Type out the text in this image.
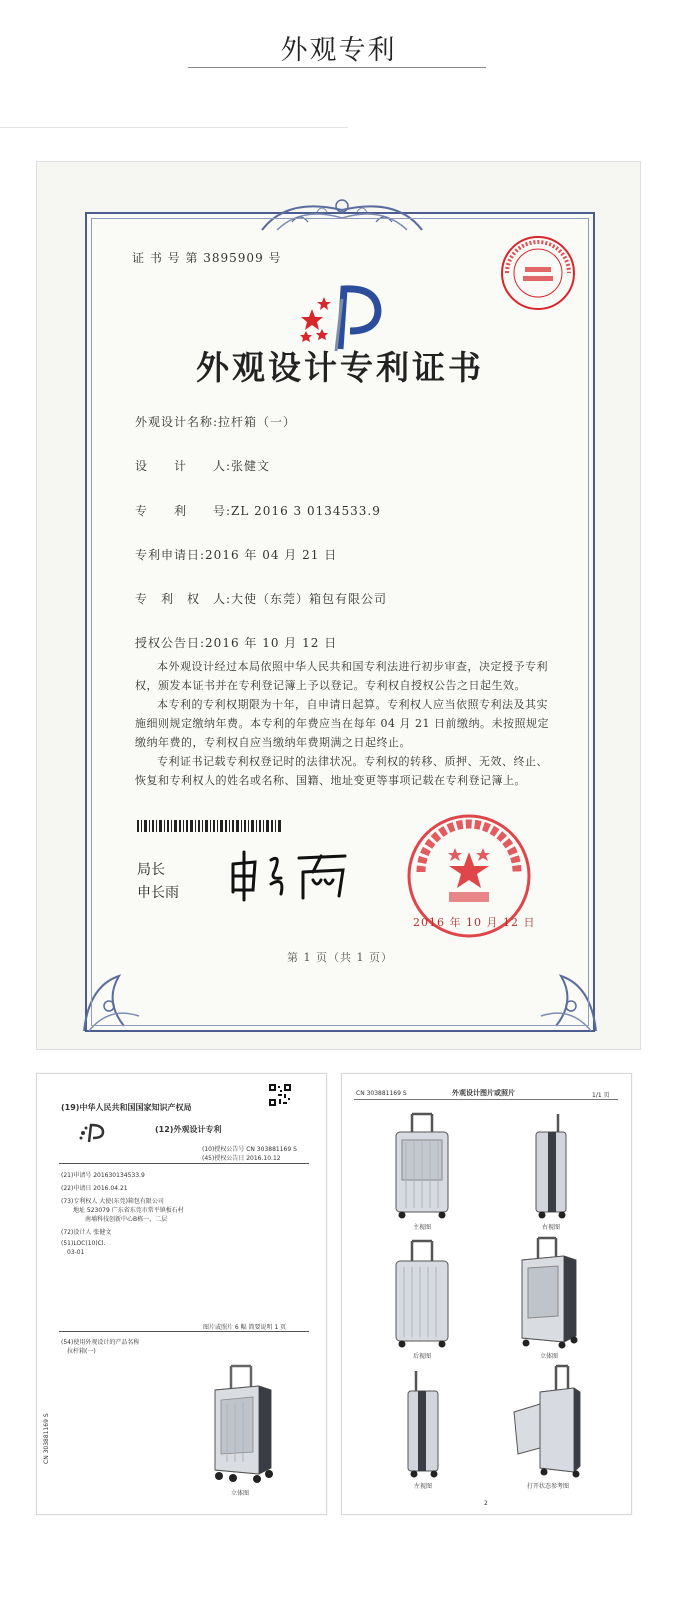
外观专利
证 书 号 第 3895909 号
外观设计专利证书
外观设计名称:拉杆箱（一）
设　　计　　人:张健文
专　　利　　号:ZL 2016 3 0134533.9
专利申请日:2016 年 04 月 21 日
专　利　权　人:大使（东莞）箱包有限公司
授权公告日:2016 年 10 月 12 日

本外观设计经过本局依照中华人民共和国专利法进行初步审查，决定授予专利权，颁发本证书并在专利登记簿上予以登记。专利权自授权公告之日起生效。

本专利的专利权期限为十年，自申请日起算。专利权人应当依照专利法及其实施细则规定缴纳年费。本专利的年费应当在每年 04 月 21 日前缴纳。未按照规定缴纳年费的，专利权自应当缴纳年费期满之日起终止。

专利证书记载专利权登记时的法律状况。专利权的转移、质押、无效、终止、恢复和专利权人的姓名或名称、国籍、地址变更等事项记载在专利登记簿上。

局长
申长雨
2016 年 10 月 12 日
第 1 页（共 1 页）
(19)中华人民共和国国家知识产权局
(12)外观设计专利
(10)授权公告号 CN 303881169 S
(45)授权公告日 2016.10.12
(21)申请号 201630134533.9
(22)申请日 2016.04.21
(73)专利权人 大使(东莞)箱包有限公司
地址 523079 广东省东莞市常平镇板石村
南埔科技创新中心B栋一、二层
(72)设计人 张健文
(51)LOC(10)Cl.
03-01
图片或照片 6 幅 简要说明 1 页
(54)使用外观设计的产品名称
拉杆箱(一)
立体图
CN 303881169 S
CN 303881169 S	外观设计图片或照片	1/1 页
主视图	右视图
后视图	立体图
左视图	打开状态参考图
2
